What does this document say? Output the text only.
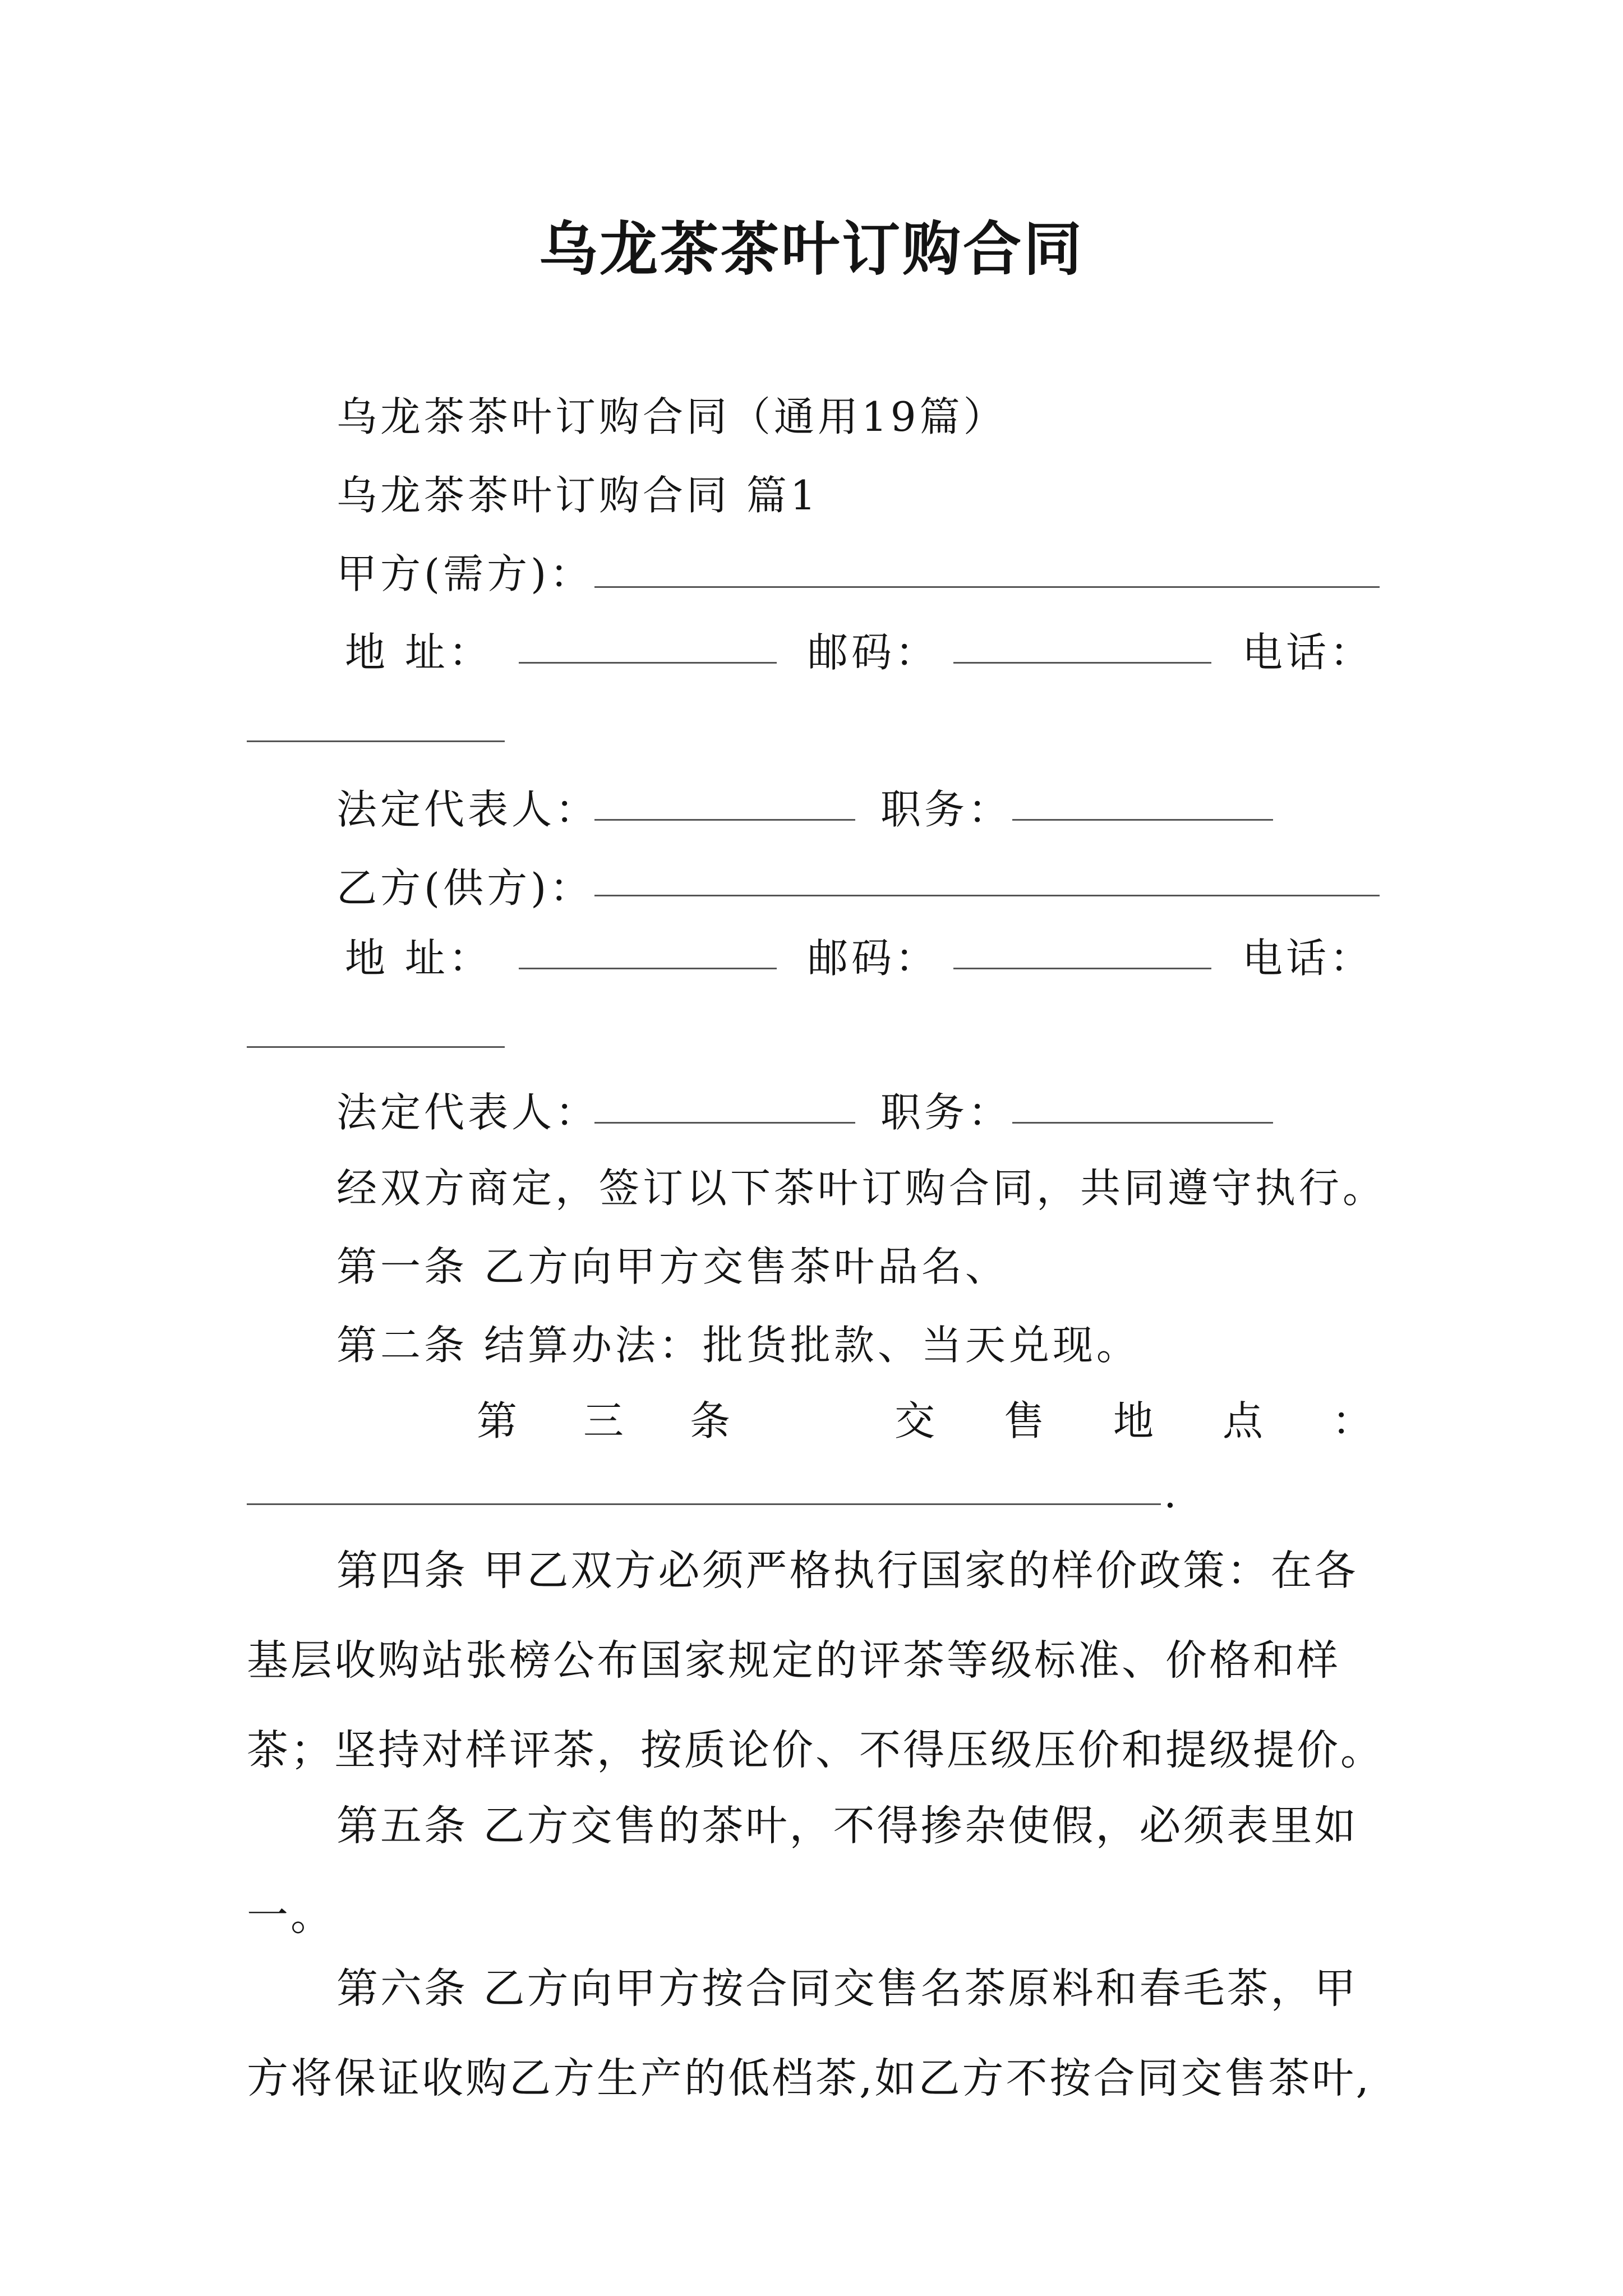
乌龙茶茶叶订购合同
乌龙茶茶叶订购合同（通用19篇）
乌龙茶茶叶订购合同 篇1
甲方(需方)：
地 址：	邮码：	电话：
法定代表人：	职务：
乙方(供方)：
地 址：	邮码：	电话：
法定代表人：	职务：
经双方商定，签订以下茶叶订购合同，共同遵守执行。
第一条 乙方向甲方交售茶叶品名、
第二条 结算办法：批货批款、当天兑现。
第 三 条	交 售 地 点 ：
.
第四条 甲乙双方必须严格执行国家的样价政策：在各基层收购站张榜公布国家规定的评茶等级标准、价格和样茶；坚持对样评茶，按质论价、不得压级压价和提级提价。
第五条 乙方交售的茶叶，不得掺杂使假，必须表里如一。
第六条 乙方向甲方按合同交售名茶原料和春毛茶，甲方将保证收购乙方生产的低档茶,如乙方不按合同交售茶叶,
